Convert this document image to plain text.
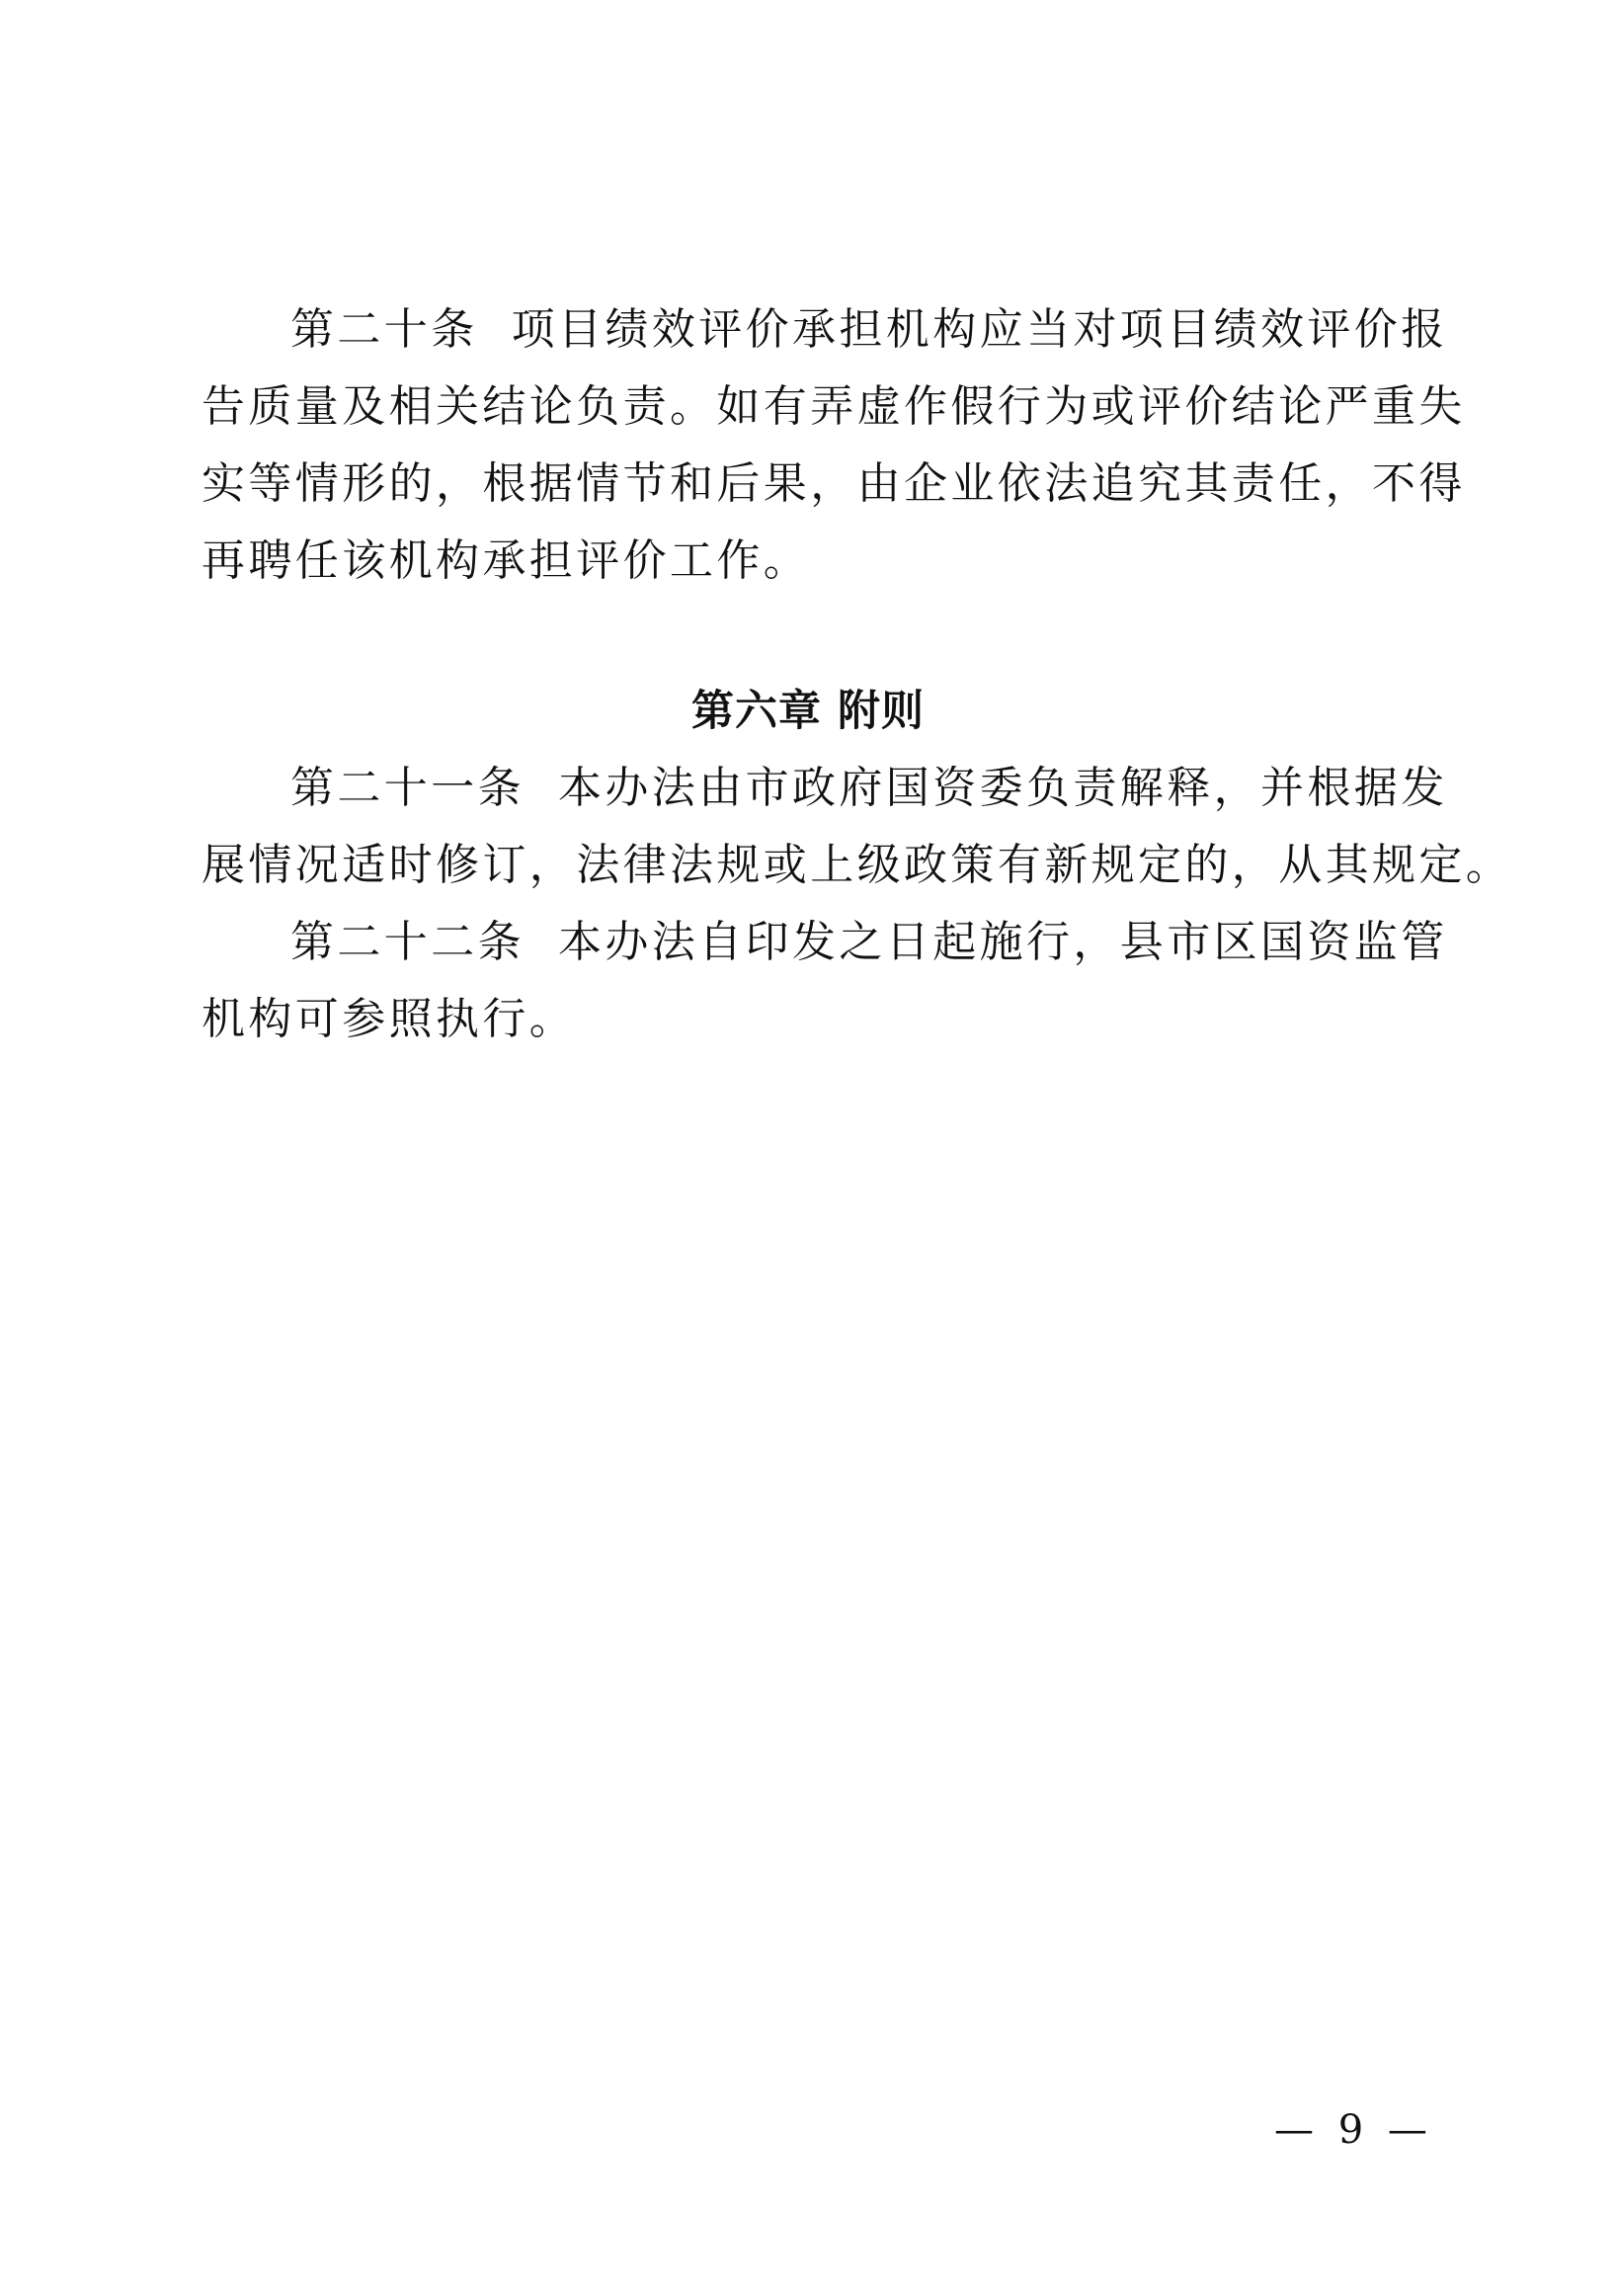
第二十条 项目绩效评价承担机构应当对项目绩效评价报
告质量及相关结论负责。如有弄虚作假行为或评价结论严重失
实等情形的，根据情节和后果，由企业依法追究其责任，不得
再聘任该机构承担评价工作。
第六章 附则
第二十一条 本办法由市政府国资委负责解释，并根据发
展情况适时修订，法律法规或上级政策有新规定的，从其规定。
第二十二条 本办法自印发之日起施行，县市区国资监管
机构可参照执行。
— 9 —
